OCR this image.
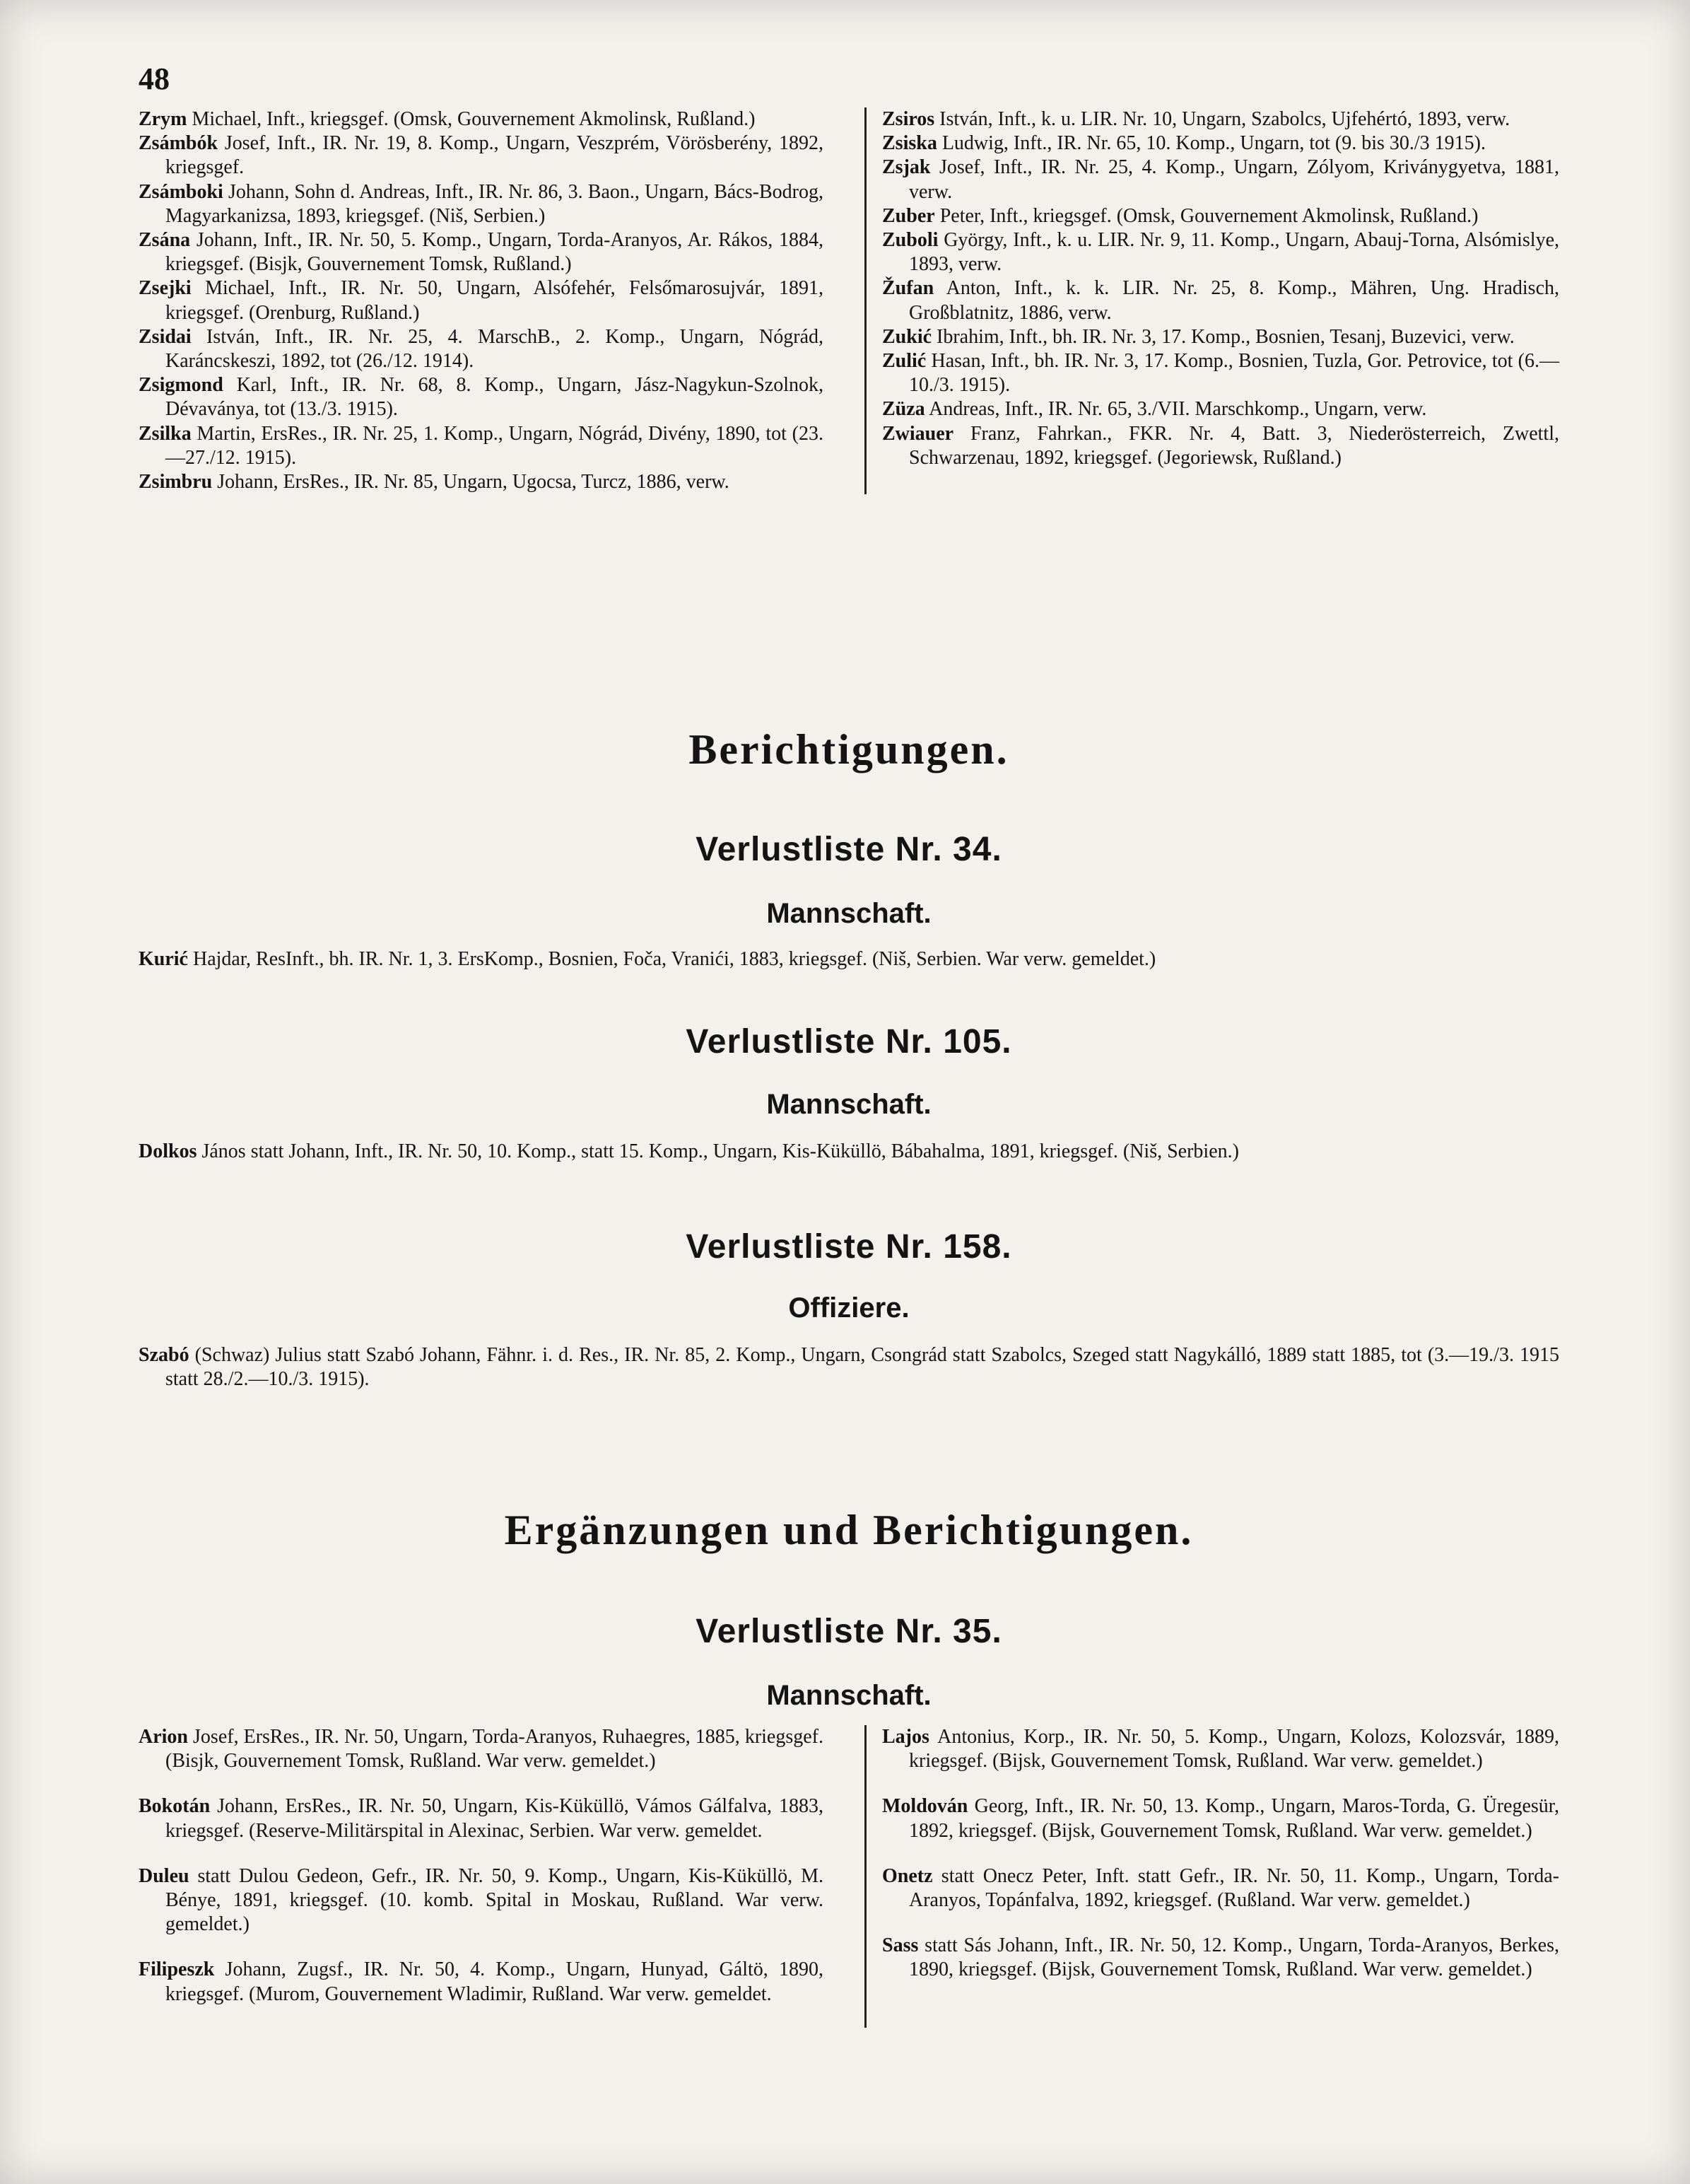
48

Zrym Michael, Inft., kriegsgef. (Omsk, Gouvernement Akmolinsk, Rußland.)

Zsámbók Josef, Inft., IR. Nr. 19, 8. Komp., Ungarn, Veszprém, Vörösberény, 1892, kriegsgef.

Zsámboki Johann, Sohn d. Andreas, Inft., IR. Nr. 86, 3. Baon., Ungarn, Bács-Bodrog, Magyarkanizsa, 1893, kriegsgef. (Niš, Serbien.)

Zsána Johann, Inft., IR. Nr. 50, 5. Komp., Ungarn, Torda-Aranyos, Ar. Rákos, 1884, kriegsgef. (Bisjk, Gouvernement Tomsk, Rußland.)

Zsejki Michael, Inft., IR. Nr. 50, Ungarn, Alsófehér, Felsőmarosujvár, 1891, kriegsgef. (Orenburg, Rußland.)

Zsidai István, Inft., IR. Nr. 25, 4. MarschB., 2. Komp., Ungarn, Nógrád, Karáncskeszi, 1892, tot (26./12. 1914).

Zsigmond Karl, Inft., IR. Nr. 68, 8. Komp., Ungarn, Jász-Nagykun-Szolnok, Dévaványa, tot (13./3. 1915).

Zsilka Martin, ErsRes., IR. Nr. 25, 1. Komp., Ungarn, Nógrád, Divény, 1890, tot (23.—27./12. 1915).

Zsimbru Johann, ErsRes., IR. Nr. 85, Ungarn, Ugocsa, Turcz, 1886, verw.

Zsiros István, Inft., k. u. LIR. Nr. 10, Ungarn, Szabolcs, Ujfehértó, 1893, verw.

Zsiska Ludwig, Inft., IR. Nr. 65, 10. Komp., Ungarn, tot (9. bis 30./3 1915).

Zsjak Josef, Inft., IR. Nr. 25, 4. Komp., Ungarn, Zólyom, Kriványgyetva, 1881, verw.

Zuber Peter, Inft., kriegsgef. (Omsk, Gouvernement Akmolinsk, Rußland.)

Zuboli György, Inft., k. u. LIR. Nr. 9, 11. Komp., Ungarn, Abauj-Torna, Alsómislye, 1893, verw.

Žufan Anton, Inft., k. k. LIR. Nr. 25, 8. Komp., Mähren, Ung. Hradisch, Großblatnitz, 1886, verw.

Zukić Ibrahim, Inft., bh. IR. Nr. 3, 17. Komp., Bosnien, Tesanj, Buzevici, verw.

Zulić Hasan, Inft., bh. IR. Nr. 3, 17. Komp., Bosnien, Tuzla, Gor. Petrovice, tot (6.—10./3. 1915).

Züza Andreas, Inft., IR. Nr. 65, 3./VII. Marschkomp., Ungarn, verw.

Zwiauer Franz, Fahrkan., FKR. Nr. 4, Batt. 3, Niederösterreich, Zwettl, Schwarzenau, 1892, kriegsgef. (Jegoriewsk, Rußland.)

Berichtigungen.
Verlustliste Nr. 34.
Mannschaft.

Kurić Hajdar, ResInft., bh. IR. Nr. 1, 3. ErsKomp., Bosnien, Foča, Vranići, 1883, kriegsgef. (Niš, Serbien. War verw. gemeldet.)

Verlustliste Nr. 105.
Mannschaft.

Dolkos János statt Johann, Inft., IR. Nr. 50, 10. Komp., statt 15. Komp., Ungarn, Kis-Küküllö, Bábahalma, 1891, kriegsgef. (Niš, Serbien.)

Verlustliste Nr. 158.
Offiziere.

Szabó (Schwaz) Julius statt Szabó Johann, Fähnr. i. d. Res., IR. Nr. 85, 2. Komp., Ungarn, Csongrád statt Szabolcs, Szeged statt Nagykálló, 1889 statt 1885, tot (3.—19./3. 1915 statt 28./2.—10./3. 1915).

Ergänzungen und Berichtigungen.
Verlustliste Nr. 35.
Mannschaft.

Arion Josef, ErsRes., IR. Nr. 50, Ungarn, Torda-Aranyos, Ruhaegres, 1885, kriegsgef. (Bisjk, Gouvernement Tomsk, Rußland. War verw. gemeldet.)

Bokotán Johann, ErsRes., IR. Nr. 50, Ungarn, Kis-Küküllö, Vámos Gálfalva, 1883, kriegsgef. (Reserve-Militärspital in Alexinac, Serbien. War verw. gemeldet.

Duleu statt Dulou Gedeon, Gefr., IR. Nr. 50, 9. Komp., Ungarn, Kis-Küküllö, M. Bénye, 1891, kriegsgef. (10. komb. Spital in Moskau, Rußland. War verw. gemeldet.)

Filipeszk Johann, Zugsf., IR. Nr. 50, 4. Komp., Ungarn, Hunyad, Gáltö, 1890, kriegsgef. (Murom, Gouvernement Wladimir, Rußland. War verw. gemeldet.

Lajos Antonius, Korp., IR. Nr. 50, 5. Komp., Ungarn, Kolozs, Kolozsvár, 1889, kriegsgef. (Bijsk, Gouvernement Tomsk, Rußland. War verw. gemeldet.)

Moldován Georg, Inft., IR. Nr. 50, 13. Komp., Ungarn, Maros-Torda, G. Üregesür, 1892, kriegsgef. (Bijsk, Gouvernement Tomsk, Rußland. War verw. gemeldet.)

Onetz statt Onecz Peter, Inft. statt Gefr., IR. Nr. 50, 11. Komp., Ungarn, Torda-Aranyos, Topánfalva, 1892, kriegsgef. (Rußland. War verw. gemeldet.)

Sass statt Sás Johann, Inft., IR. Nr. 50, 12. Komp., Ungarn, Torda-Aranyos, Berkes, 1890, kriegsgef. (Bijsk, Gouvernement Tomsk, Rußland. War verw. gemeldet.)
